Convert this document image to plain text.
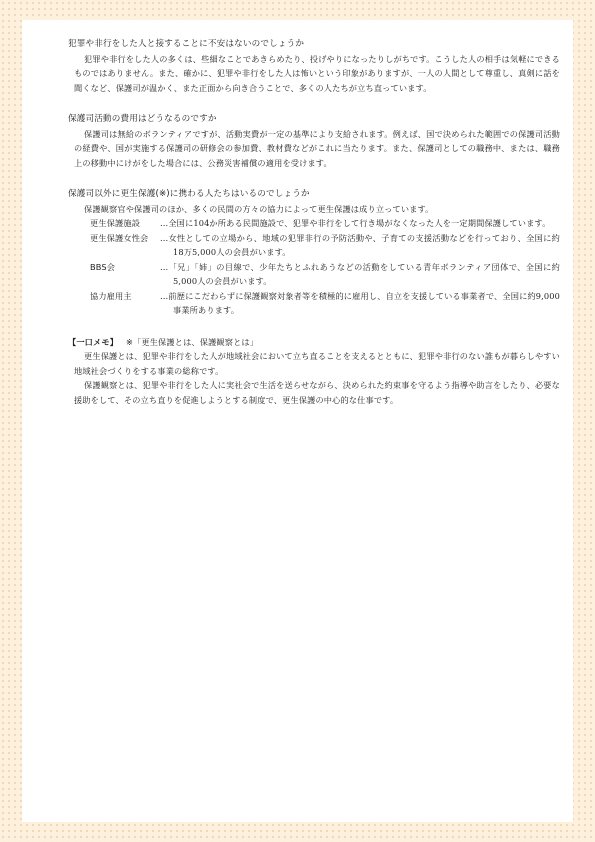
犯罪や非行をした人と接することに不安はないのでしょうか

犯罪や非行をした人の多くは、些細なことであきらめたり、投げやりになったりしがちです。こうした人の相手は気軽にできるものではありません。また、確かに、犯罪や非行をした人は怖いという印象がありますが、一人の人間として尊重し、真剣に話を聞くなど、保護司が温かく、また正面から向き合うことで、多くの人たちが立ち直っています。

保護司活動の費用はどうなるのですか

保護司は無給のボランティアですが、活動実費が一定の基準により支給されます。例えば、国で決められた範囲での保護司活動の経費や、国が実施する保護司の研修会の参加費、教材費などがこれに当たります。また、保護司としての職務中、または、職務上の移動中にけがをした場合には、公務災害補償の適用を受けます。

保護司以外に更生保護(※)に携わる人たちはいるのでしょうか

保護観察官や保護司のほか、多くの民間の方々の協力によって更生保護は成り立っています。

更生保護施設	…全国に104か所ある民間施設で、犯罪や非行をして行き場がなくなった人を一定期間保護しています。
更生保護女性会	…女性としての立場から、地域の犯罪非行の予防活動や、子育ての支援活動などを行っており、全国に約18万5,000人の会員がいます。
BBS会	…「兄」「姉」の目線で、少年たちとふれあうなどの活動をしている青年ボランティア団体で、全国に約5,000人の会員がいます。
協力雇用主	…前歴にこだわらずに保護観察対象者等を積極的に雇用し、自立を支援している事業者で、全国に約9,000事業所あります。

【一口メモ】 ※「更生保護とは、保護観察とは」

更生保護とは、犯罪や非行をした人が地域社会において立ち直ることを支えるとともに、犯罪や非行のない誰もが暮らしやすい地域社会づくりをする事業の総称です。

保護観察とは、犯罪や非行をした人に実社会で生活を送らせながら、決められた約束事を守るよう指導や助言をしたり、必要な援助をして、その立ち直りを促進しようとする制度で、更生保護の中心的な仕事です。
